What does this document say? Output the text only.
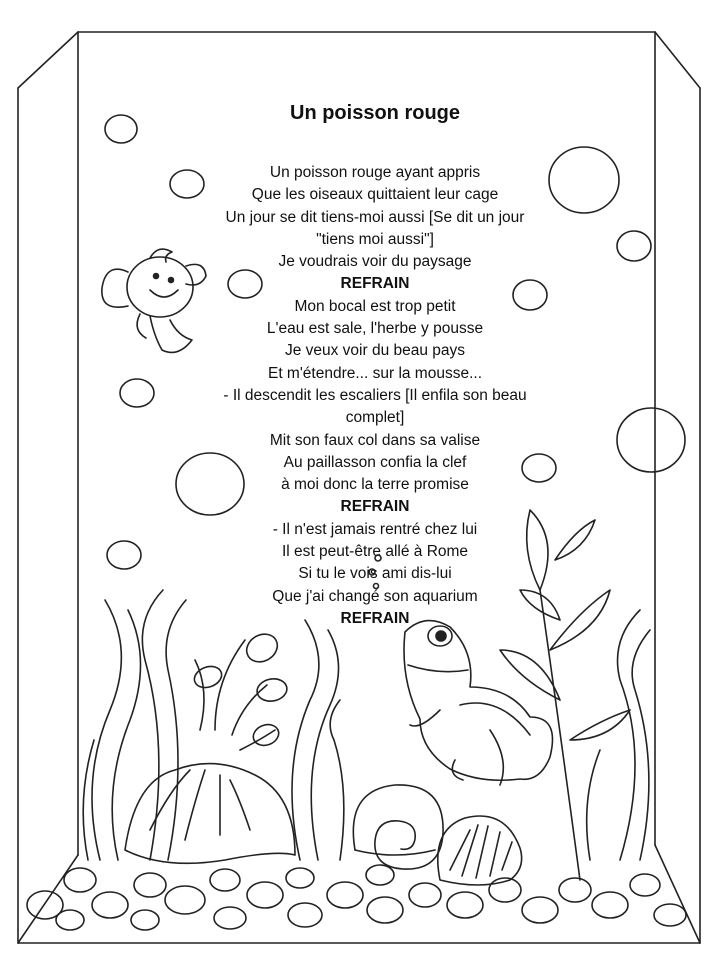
Un poisson rouge
Un poisson rouge ayant appris
Que les oiseaux quittaient leur cage
Un jour se dit tiens-moi aussi [Se dit un jour
"tiens moi aussi"]
Je voudrais voir du paysage
REFRAIN
Mon bocal est trop petit
L'eau est sale, l'herbe y pousse
Je veux voir du beau pays
Et m'étendre... sur la mousse...
- Il descendit les escaliers [Il enfila son beau
complet]
Mit son faux col dans sa valise
Au paillasson confia la clef
à moi donc la terre promise
REFRAIN
- Il n'est jamais rentré chez lui
Il est peut-être allé à Rome
Si tu le vois ami dis-lui
Que j'ai changé son aquarium
REFRAIN
